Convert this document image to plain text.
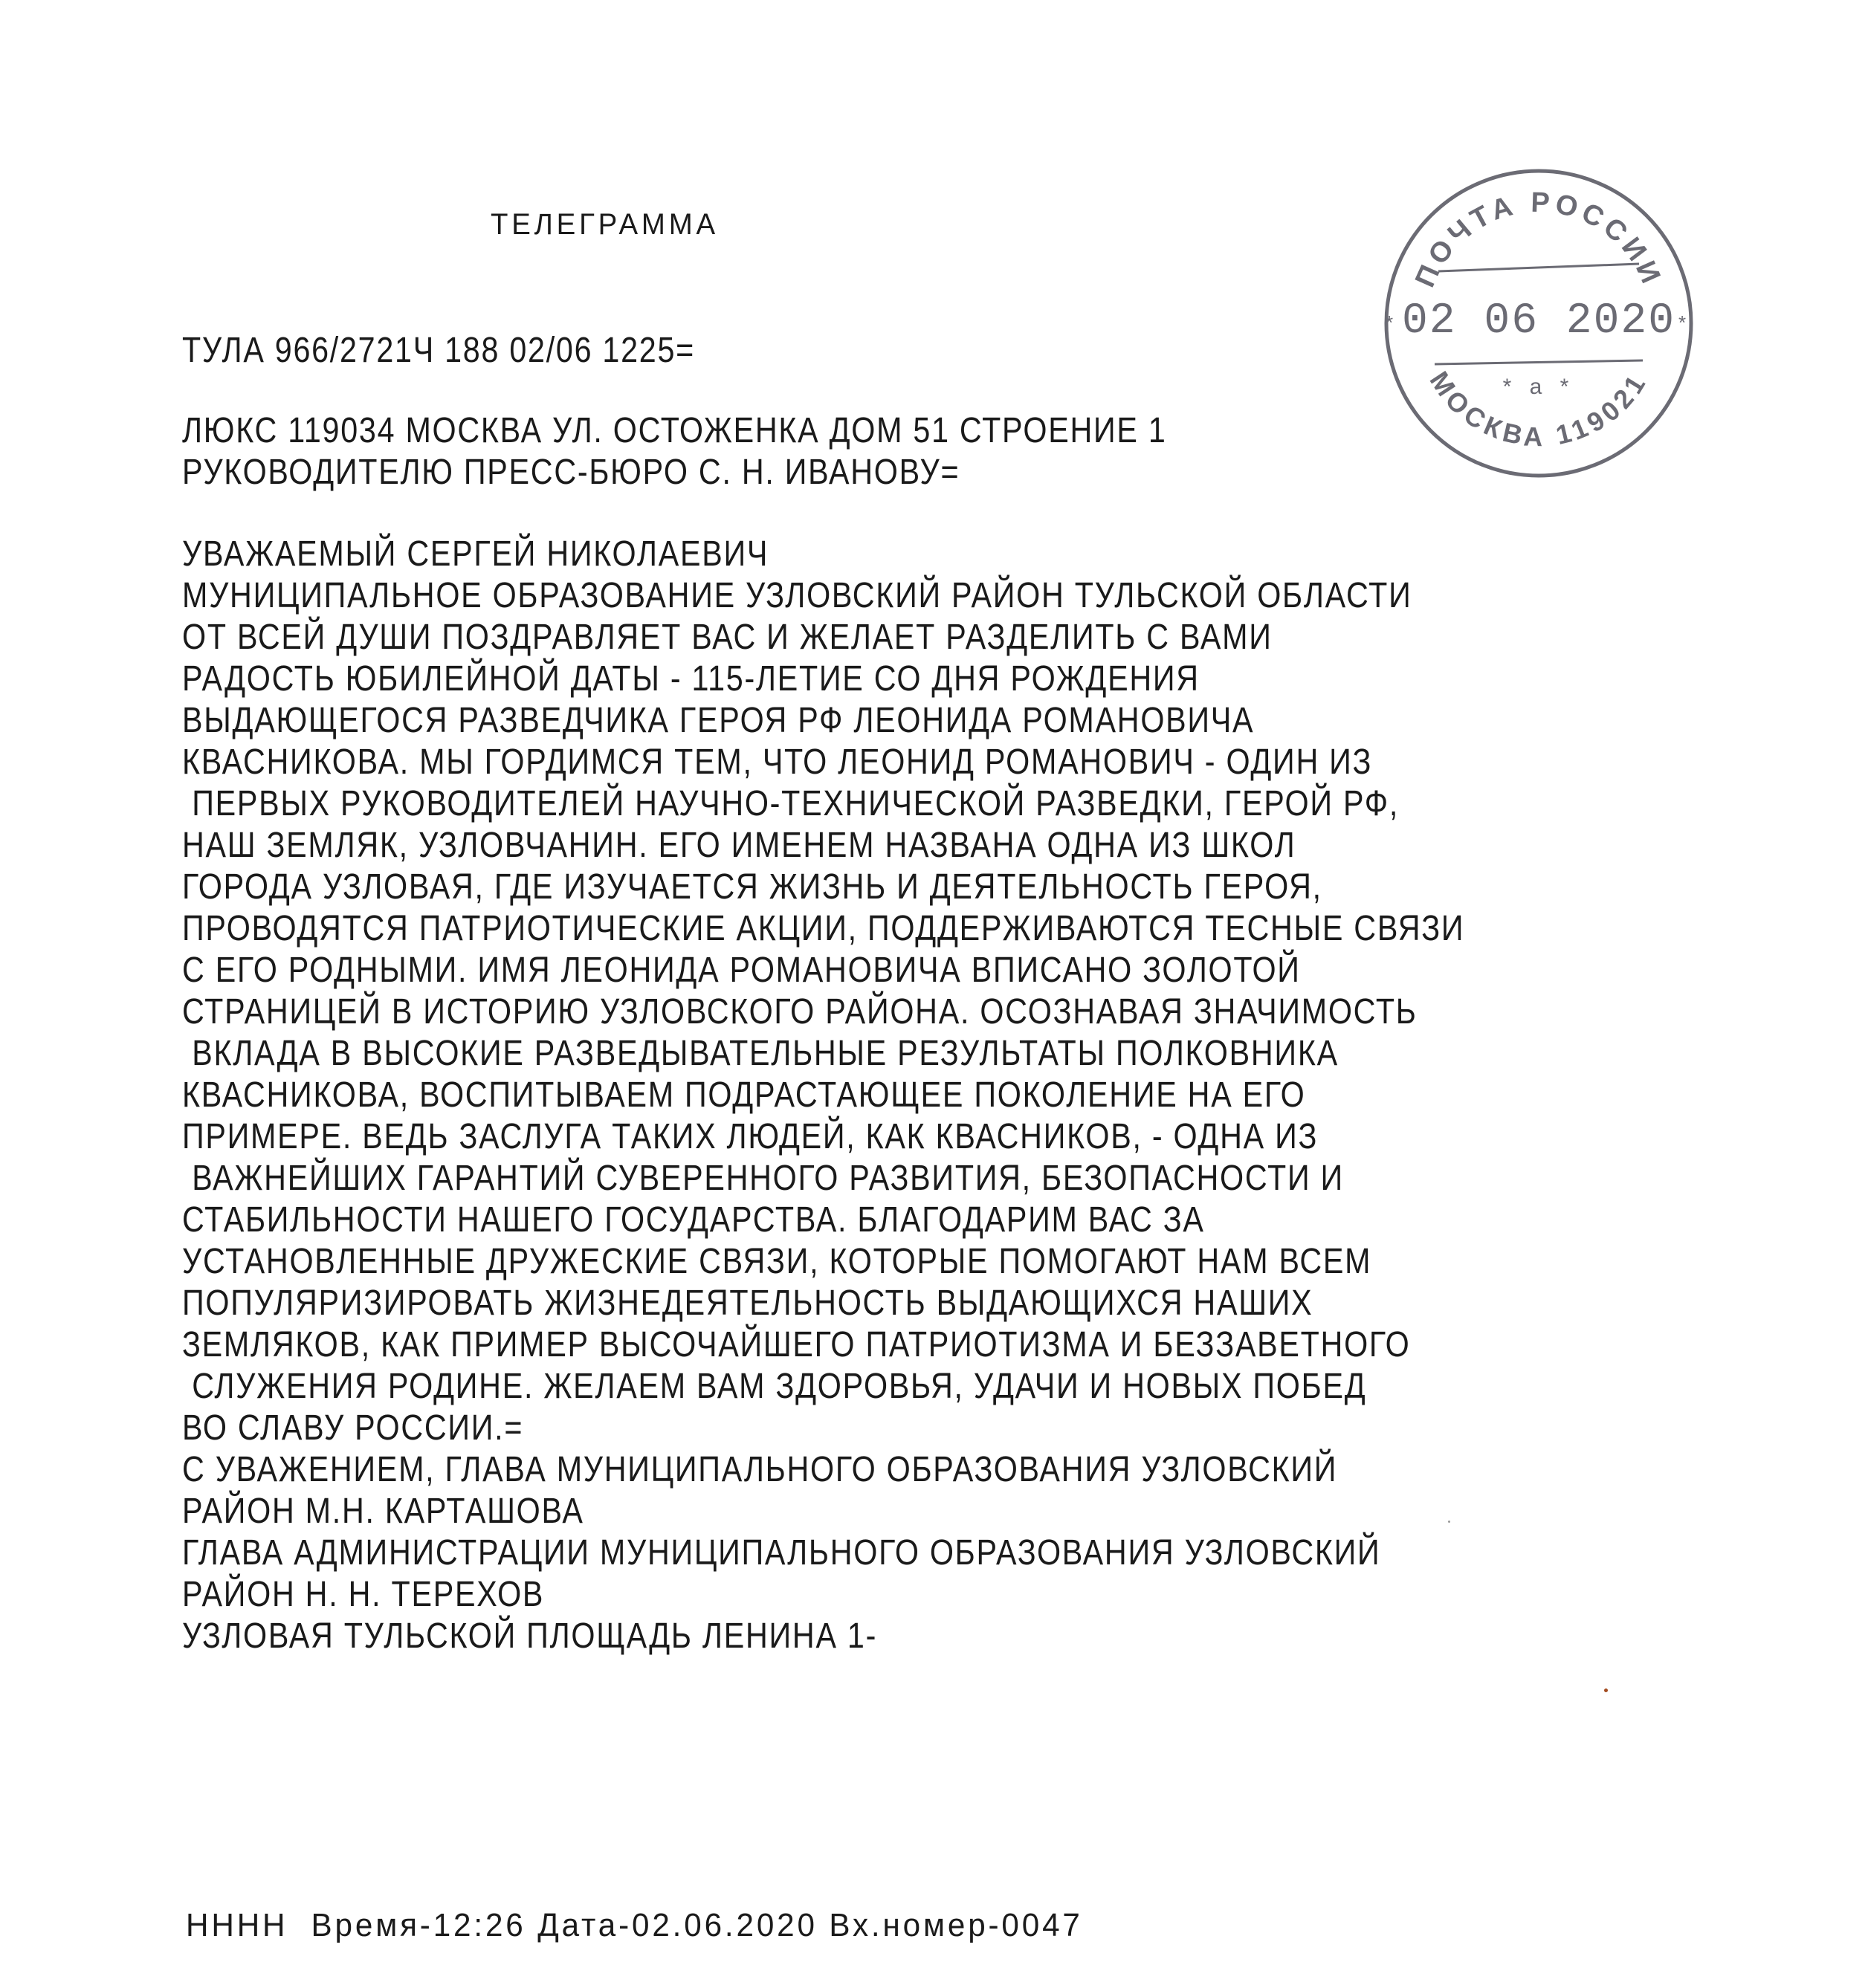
ТЕЛЕГРАММА
ТУЛА 966/2721Ч 188 02/06 1225=
ЛЮКС 119034 МОСКВА УЛ. ОСТОЖЕНКА ДОМ 51 СТРОЕНИЕ 1
РУКОВОДИТЕЛЮ ПРЕСС-БЮРО С. Н. ИВАНОВУ=
УВАЖАЕМЫЙ СЕРГЕЙ НИКОЛАЕВИЧ
МУНИЦИПАЛЬНОЕ ОБРАЗОВАНИЕ УЗЛОВСКИЙ РАЙОН ТУЛЬСКОЙ ОБЛАСТИ
ОТ ВСЕЙ ДУШИ ПОЗДРАВЛЯЕТ ВАС И ЖЕЛАЕТ РАЗДЕЛИТЬ С ВАМИ
РАДОСТЬ ЮБИЛЕЙНОЙ ДАТЫ - 115-ЛЕТИЕ СО ДНЯ РОЖДЕНИЯ
ВЫДАЮЩЕГОСЯ РАЗВЕДЧИКА ГЕРОЯ РФ ЛЕОНИДА РОМАНОВИЧА
КВАСНИКОВА. МЫ ГОРДИМСЯ ТЕМ, ЧТО ЛЕОНИД РОМАНОВИЧ - ОДИН ИЗ
ПЕРВЫХ РУКОВОДИТЕЛЕЙ НАУЧНО-ТЕХНИЧЕСКОЙ РАЗВЕДКИ, ГЕРОЙ РФ,
НАШ ЗЕМЛЯК, УЗЛОВЧАНИН. ЕГО ИМЕНЕМ НАЗВАНА ОДНА ИЗ ШКОЛ
ГОРОДА УЗЛОВАЯ, ГДЕ ИЗУЧАЕТСЯ ЖИЗНЬ И ДЕЯТЕЛЬНОСТЬ ГЕРОЯ,
ПРОВОДЯТСЯ ПАТРИОТИЧЕСКИЕ АКЦИИ, ПОДДЕРЖИВАЮТСЯ ТЕСНЫЕ СВЯЗИ
С ЕГО РОДНЫМИ. ИМЯ ЛЕОНИДА РОМАНОВИЧА ВПИСАНО ЗОЛОТОЙ
СТРАНИЦЕЙ В ИСТОРИЮ УЗЛОВСКОГО РАЙОНА. ОСОЗНАВАЯ ЗНАЧИМОСТЬ
ВКЛАДА В ВЫСОКИЕ РАЗВЕДЫВАТЕЛЬНЫЕ РЕЗУЛЬТАТЫ ПОЛКОВНИКА
КВАСНИКОВА, ВОСПИТЫВАЕМ ПОДРАСТАЮЩЕЕ ПОКОЛЕНИЕ НА ЕГО
ПРИМЕРЕ. ВЕДЬ ЗАСЛУГА ТАКИХ ЛЮДЕЙ, КАК КВАСНИКОВ, - ОДНА ИЗ
ВАЖНЕЙШИХ ГАРАНТИЙ СУВЕРЕННОГО РАЗВИТИЯ, БЕЗОПАСНОСТИ И
СТАБИЛЬНОСТИ НАШЕГО ГОСУДАРСТВА. БЛАГОДАРИМ ВАС ЗА
УСТАНОВЛЕННЫЕ ДРУЖЕСКИЕ СВЯЗИ, КОТОРЫЕ ПОМОГАЮТ НАМ ВСЕМ
ПОПУЛЯРИЗИРОВАТЬ ЖИЗНЕДЕЯТЕЛЬНОСТЬ ВЫДАЮЩИХСЯ НАШИХ
ЗЕМЛЯКОВ, КАК ПРИМЕР ВЫСОЧАЙШЕГО ПАТРИОТИЗМА И БЕЗЗАВЕТНОГО
СЛУЖЕНИЯ РОДИНЕ. ЖЕЛАЕМ ВАМ ЗДОРОВЬЯ, УДАЧИ И НОВЫХ ПОБЕД
ВО СЛАВУ РОССИИ.=
С УВАЖЕНИЕМ, ГЛАВА МУНИЦИПАЛЬНОГО ОБРАЗОВАНИЯ УЗЛОВСКИЙ
РАЙОН М.Н. КАРТАШОВА
ГЛАВА АДМИНИСТРАЦИИ МУНИЦИПАЛЬНОГО ОБРАЗОВАНИЯ УЗЛОВСКИЙ
РАЙОН Н. Н. ТЕРЕХОВ
УЗЛОВАЯ ТУЛЬСКОЙ ПЛОЩАДЬ ЛЕНИНА 1-
НННН Время-12:26 Дата-02.06.2020 Вх.номер-0047
*	*
ПОЧТА РОССИИ
02 06 2020
* а *
МОСКВА 119021
